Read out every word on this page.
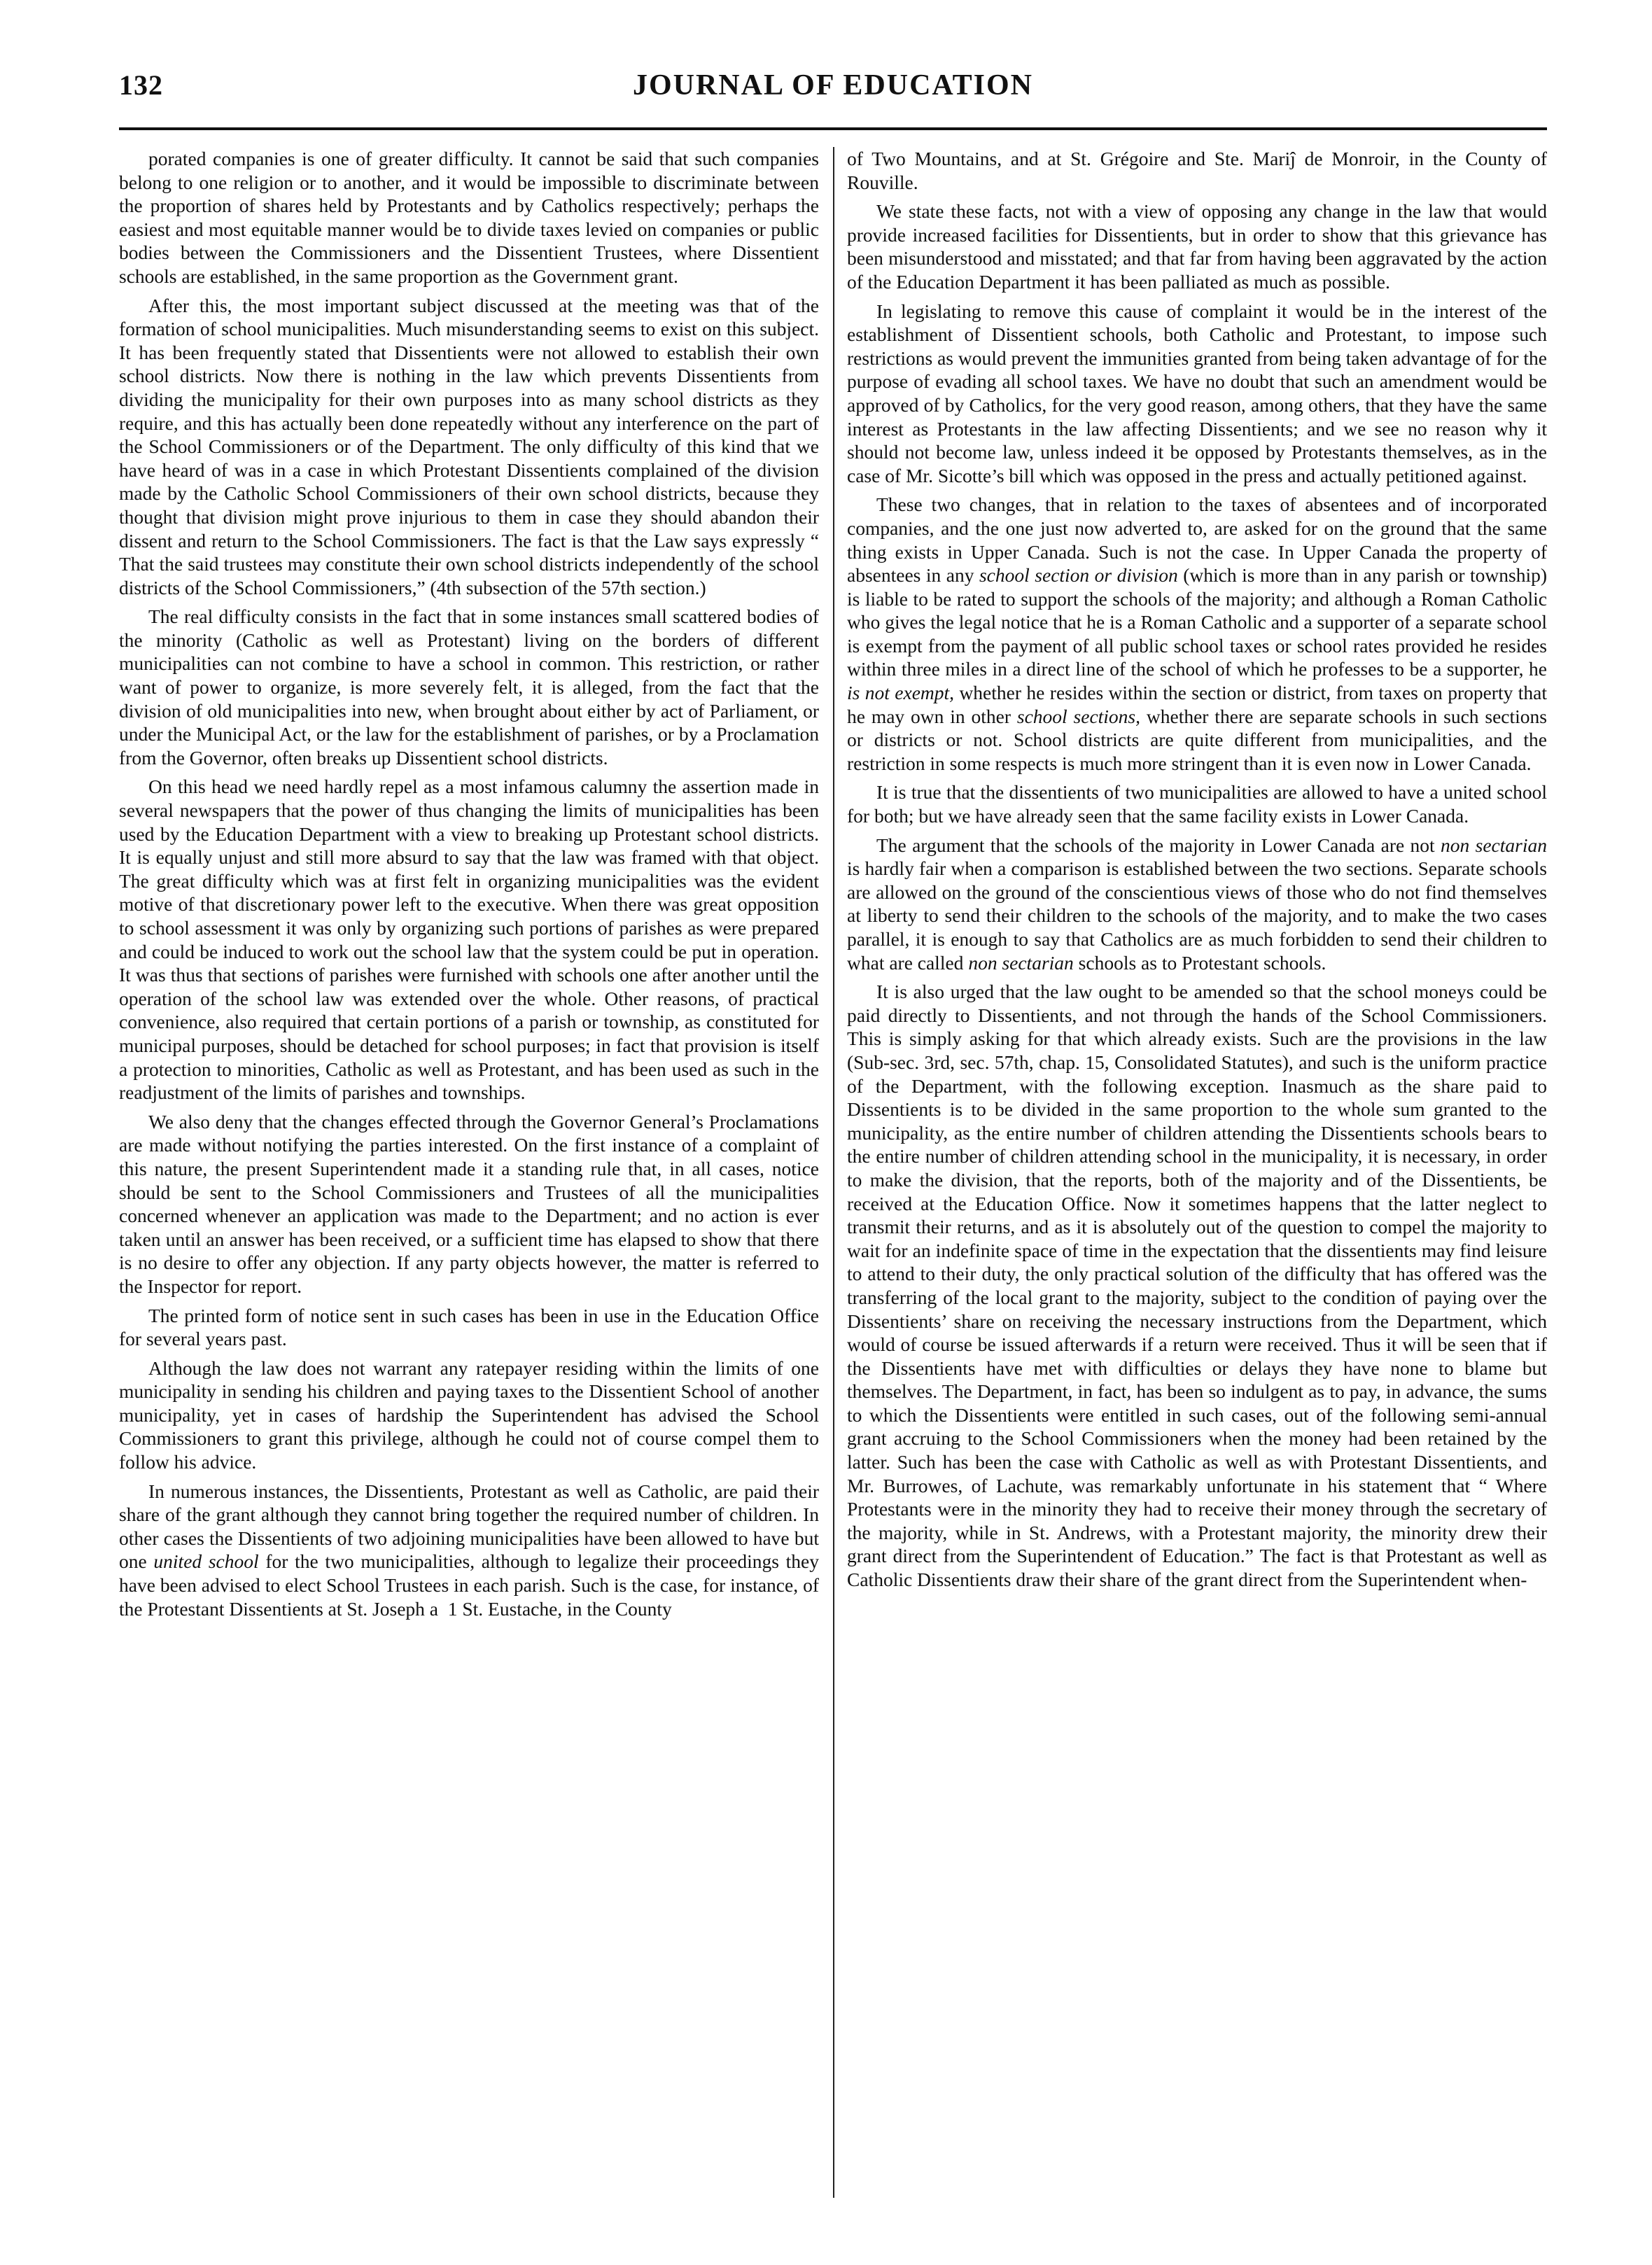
132	JOURNAL OF EDUCATION

porated companies is one of greater difficulty. It cannot be said that such companies belong to one religion or to another, and it would be impossible to discriminate between the proportion of shares held by Protestants and by Catholics respectively; perhaps the easiest and most equitable manner would be to divide taxes levied on companies or public bodies between the Commissioners and the Dissentient Trustees, where Dissentient schools are established, in the same proportion as the Government grant.

After this, the most important subject discussed at the meeting was that of the formation of school municipalities. Much misunderstanding seems to exist on this subject. It has been frequently stated that Dissentients were not allowed to establish their own school districts. Now there is nothing in the law which prevents Dissentients from dividing the municipality for their own purposes into as many school districts as they require, and this has actually been done repeatedly without any interference on the part of the School Commissioners or of the Department. The only difficulty of this kind that we have heard of was in a case in which Protestant Dissentients complained of the division made by the Catholic School Commissioners of their own school districts, because they thought that division might prove injurious to them in case they should abandon their dissent and return to the School Commissioners. The fact is that the Law says expressly “ That the said trustees may constitute their own school districts independently of the school districts of the School Commissioners,” (4th subsection of the 57th section.)

The real difficulty consists in the fact that in some instances small scattered bodies of the minority (Catholic as well as Protestant) living on the borders of different municipalities can not combine to have a school in common. This restriction, or rather want of power to organize, is more severely felt, it is alleged, from the fact that the division of old municipalities into new, when brought about either by act of Parliament, or under the Municipal Act, or the law for the establishment of parishes, or by a Proclamation from the Governor, often breaks up Dissentient school districts.

On this head we need hardly repel as a most infamous calumny the assertion made in several newspapers that the power of thus changing the limits of municipalities has been used by the Education Department with a view to breaking up Protestant school districts. It is equally unjust and still more absurd to say that the law was framed with that object. The great difficulty which was at first felt in organizing municipalities was the evident motive of that discretionary power left to the executive. When there was great opposition to school assessment it was only by organizing such portions of parishes as were prepared and could be induced to work out the school law that the system could be put in operation. It was thus that sections of parishes were furnished with schools one after another until the operation of the school law was extended over the whole. Other reasons, of practical convenience, also required that certain portions of a parish or township, as constituted for municipal purposes, should be detached for school purposes; in fact that provision is itself a protection to minorities, Catholic as well as Protestant, and has been used as such in the readjustment of the limits of parishes and townships.

We also deny that the changes effected through the Governor General’s Proclamations are made without notifying the parties interested. On the first instance of a complaint of this nature, the present Superintendent made it a standing rule that, in all cases, notice should be sent to the School Commissioners and Trustees of all the municipalities concerned whenever an application was made to the Department; and no action is ever taken until an answer has been received, or a sufficient time has elapsed to show that there is no desire to offer any objection. If any party objects however, the matter is referred to the Inspector for report.

The printed form of notice sent in such cases has been in use in the Education Office for several years past.

Although the law does not warrant any ratepayer residing within the limits of one municipality in sending his children and paying taxes to the Dissentient School of another municipality, yet in cases of hardship the Superintendent has advised the School Commissioners to grant this privilege, although he could not of course compel them to follow his advice.

In numerous instances, the Dissentients, Protestant as well as Catholic, are paid their share of the grant although they cannot bring together the required number of children. In other cases the Dissentients of two adjoining municipalities have been allowed to have but one united school for the two municipalities, although to legalize their proceedings they have been advised to elect School Trustees in each parish. Such is the case, for instance, of the Protestant Dissentients at St. Joseph a  1 St. Eustache, in the County

of Two Mountains, and at St. Grégoire and Ste. Mariĵ de Monroir, in the County of Rouville.

We state these facts, not with a view of opposing any change in the law that would provide increased facilities for Dissentients, but in order to show that this grievance has been misunderstood and misstated; and that far from having been aggravated by the action of the Education Department it has been palliated as much as possible.

In legislating to remove this cause of complaint it would be in the interest of the establishment of Dissentient schools, both Catholic and Protestant, to impose such restrictions as would prevent the immunities granted from being taken advantage of for the purpose of evading all school taxes. We have no doubt that such an amendment would be approved of by Catholics, for the very good reason, among others, that they have the same interest as Protestants in the law affecting Dissentients; and we see no reason why it should not become law, unless indeed it be opposed by Protestants themselves, as in the case of Mr. Sicotte’s bill which was opposed in the press and actually petitioned against.

These two changes, that in relation to the taxes of absentees and of incorporated companies, and the one just now adverted to, are asked for on the ground that the same thing exists in Upper Canada. Such is not the case. In Upper Canada the property of absentees in any school section or division (which is more than in any parish or township) is liable to be rated to support the schools of the majority; and although a Roman Catholic who gives the legal notice that he is a Roman Catholic and a supporter of a separate school is exempt from the payment of all public school taxes or school rates provided he resides within three miles in a direct line of the school of which he professes to be a supporter, he is not exempt, whether he resides within the section or district, from taxes on property that he may own in other school sections, whether there are separate schools in such sections or districts or not. School districts are quite different from municipalities, and the restriction in some respects is much more stringent than it is even now in Lower Canada.

It is true that the dissentients of two municipalities are allowed to have a united school for both; but we have already seen that the same facility exists in Lower Canada.

The argument that the schools of the majority in Lower Canada are not non sectarian is hardly fair when a comparison is established between the two sections. Separate schools are allowed on the ground of the conscientious views of those who do not find themselves at liberty to send their children to the schools of the majority, and to make the two cases parallel, it is enough to say that Catholics are as much forbidden to send their children to what are called non sectarian schools as to Protestant schools.

It is also urged that the law ought to be amended so that the school moneys could be paid directly to Dissentients, and not through the hands of the School Commissioners. This is simply asking for that which already exists. Such are the provisions in the law (Sub-sec. 3rd, sec. 57th, chap. 15, Consolidated Statutes), and such is the uniform practice of the Department, with the following exception. Inasmuch as the share paid to Dissentients is to be divided in the same proportion to the whole sum granted to the municipality, as the entire number of children attending the Dissentients schools bears to the entire number of children attending school in the municipality, it is necessary, in order to make the division, that the reports, both of the majority and of the Dissentients, be received at the Education Office. Now it sometimes happens that the latter neglect to transmit their returns, and as it is absolutely out of the question to compel the majority to wait for an indefinite space of time in the expectation that the dissentients may find leisure to attend to their duty, the only practical solution of the difficulty that has offered was the transferring of the local grant to the majority, subject to the condition of paying over the Dissentients’ share on receiving the necessary instructions from the Department, which would of course be issued afterwards if a return were received. Thus it will be seen that if the Dissentients have met with difficulties or delays they have none to blame but themselves. The Department, in fact, has been so indulgent as to pay, in advance, the sums to which the Dissentients were entitled in such cases, out of the following semi-annual grant accruing to the School Commissioners when the money had been retained by the latter. Such has been the case with Catholic as well as with Protestant Dissentients, and Mr. Burrowes, of Lachute, was remarkably unfortunate in his statement that “ Where Protestants were in the minority they had to receive their money through the secretary of the majority, while in St. Andrews, with a Protestant majority, the minority drew their grant direct from the Superintendent of Education.” The fact is that Protestant as well as Catholic Dissentients draw their share of the grant direct from the Superintendent when-
